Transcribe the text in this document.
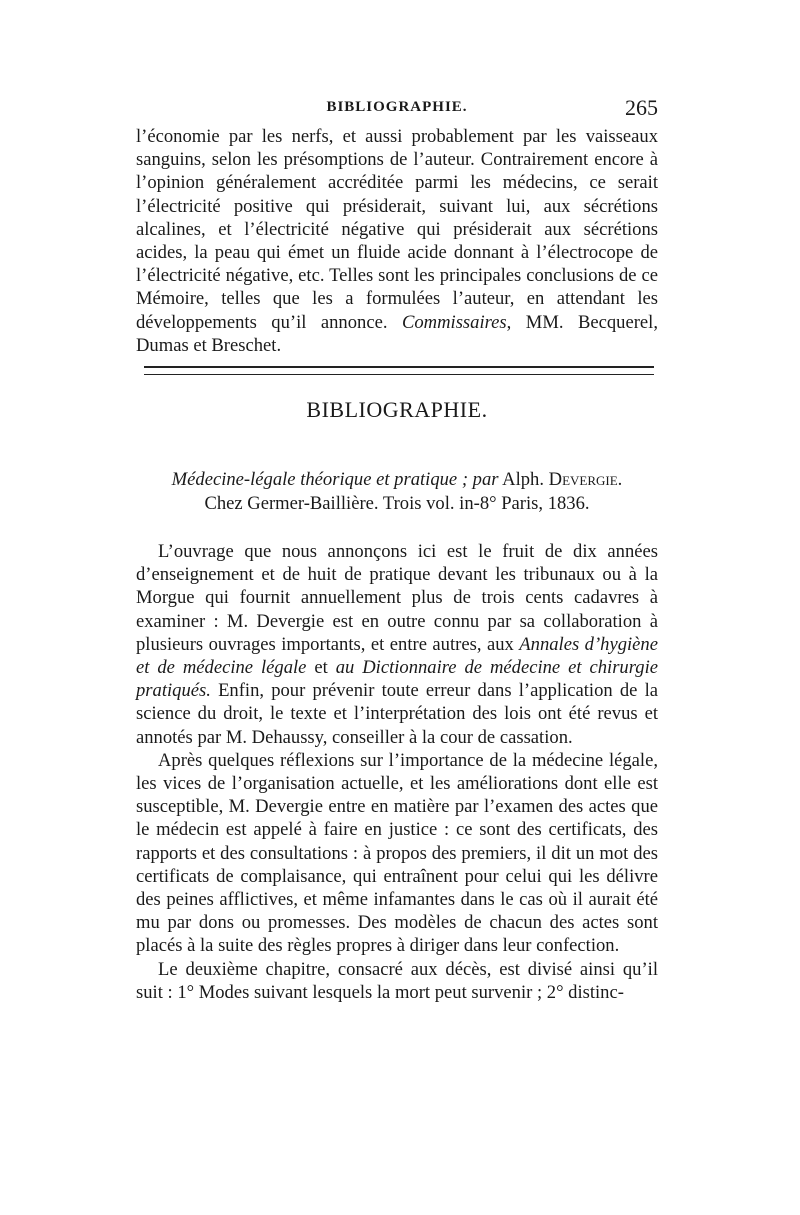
BIBLIOGRAPHIE.	265

l’économie par les nerfs, et aussi probablement par les vaisseaux sanguins, selon les présomptions de l’auteur. Contrairement encore à l’opinion généralement accréditée parmi les médecins, ce serait l’électricité positive qui présiderait, suivant lui, aux sécrétions alcalines, et l’électricité négative qui présiderait aux sécrétions acides, la peau qui émet un fluide acide donnant à l’électrocope de l’électricité négative, etc. Telles sont les principales conclusions de ce Mémoire, telles que les a formulées l’auteur, en attendant les développements qu’il annonce. Commissaires, MM. Becquerel, Dumas et Breschet.

BIBLIOGRAPHIE.
Médecine-légale théorique et pratique ; par Alph. Devergie.
Chez Germer-Baillière. Trois vol. in-8° Paris, 1836.

L’ouvrage que nous annonçons ici est le fruit de dix années d’enseignement et de huit de pratique devant les tribunaux ou à la Morgue qui fournit annuellement plus de trois cents cadavres à examiner : M. Devergie est en outre connu par sa collaboration à plusieurs ouvrages importants, et entre autres, aux Annales d’hygiène et de médecine légale et au Dictionnaire de médecine et chirurgie pratiqués. Enfin, pour prévenir toute erreur dans l’application de la science du droit, le texte et l’interprétation des lois ont été revus et annotés par M. Dehaussy, conseiller à la cour de cassation.

Après quelques réflexions sur l’importance de la médecine légale, les vices de l’organisation actuelle, et les améliorations dont elle est susceptible, M. Devergie entre en matière par l’examen des actes que le médecin est appelé à faire en justice : ce sont des certificats, des rapports et des consultations : à propos des premiers, il dit un mot des certificats de complaisance, qui entraînent pour celui qui les délivre des peines afflictives, et même infamantes dans le cas où il aurait été mu par dons ou promesses. Des modèles de chacun des actes sont placés à la suite des règles propres à diriger dans leur confection.

Le deuxième chapitre, consacré aux décès, est divisé ainsi qu’il suit : 1° Modes suivant lesquels la mort peut survenir ; 2° distinc-
